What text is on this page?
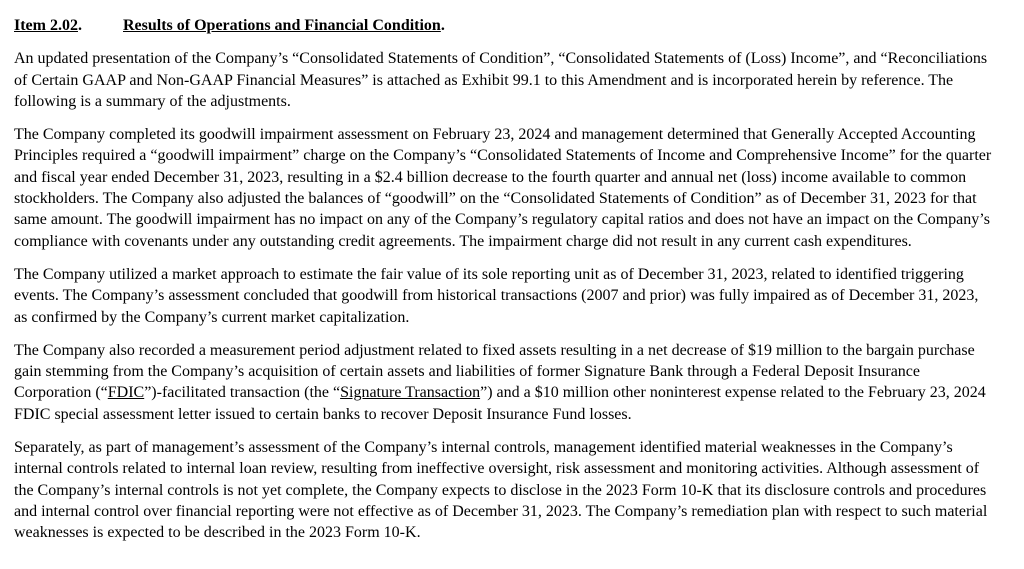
Item 2.02.	Results of Operations and Financial Condition.
An updated presentation of the Company’s “Consolidated Statements of Condition”, “Consolidated Statements of (Loss) Income”, and “Reconciliations
of Certain GAAP and Non-GAAP Financial Measures” is attached as Exhibit 99.1 to this Amendment and is incorporated herein by reference. The
following is a summary of the adjustments.
The Company completed its goodwill impairment assessment on February 23, 2024 and management determined that Generally Accepted Accounting
Principles required a “goodwill impairment” charge on the Company’s “Consolidated Statements of Income and Comprehensive Income” for the quarter
and fiscal year ended December 31, 2023, resulting in a $2.4 billion decrease to the fourth quarter and annual net (loss) income available to common
stockholders. The Company also adjusted the balances of “goodwill” on the “Consolidated Statements of Condition” as of December 31, 2023 for that
same amount. The goodwill impairment has no impact on any of the Company’s regulatory capital ratios and does not have an impact on the Company’s
compliance with covenants under any outstanding credit agreements. The impairment charge did not result in any current cash expenditures.
The Company utilized a market approach to estimate the fair value of its sole reporting unit as of December 31, 2023, related to identified triggering
events. The Company’s assessment concluded that goodwill from historical transactions (2007 and prior) was fully impaired as of December 31, 2023,
as confirmed by the Company’s current market capitalization.
The Company also recorded a measurement period adjustment related to fixed assets resulting in a net decrease of $19 million to the bargain purchase
gain stemming from the Company’s acquisition of certain assets and liabilities of former Signature Bank through a Federal Deposit Insurance
Corporation (“FDIC”)-facilitated transaction (the “Signature Transaction”) and a $10 million other noninterest expense related to the February 23, 2024
FDIC special assessment letter issued to certain banks to recover Deposit Insurance Fund losses.
Separately, as part of management’s assessment of the Company’s internal controls, management identified material weaknesses in the Company’s
internal controls related to internal loan review, resulting from ineffective oversight, risk assessment and monitoring activities. Although assessment of
the Company’s internal controls is not yet complete, the Company expects to disclose in the 2023 Form 10-K that its disclosure controls and procedures
and internal control over financial reporting were not effective as of December 31, 2023. The Company’s remediation plan with respect to such material
weaknesses is expected to be described in the 2023 Form 10-K.
